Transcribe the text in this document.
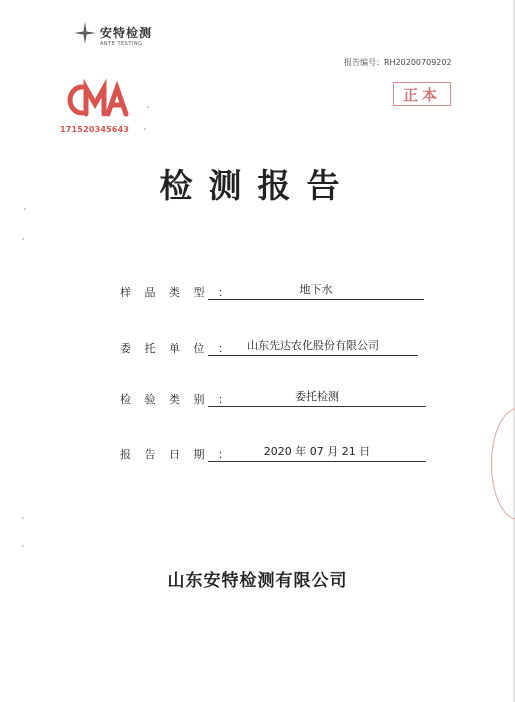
安特检测
ANTE TESTING
报告编号：RH20200709202
171520345643
正本
检测报告
样 品 类 型 ：	地下水
委 托 单 位 ：	山东先达农化股份有限公司
检 验 类 别 ：	委托检测
报 告 日 期 ：	2020 年 07 月 21 日
山东安特检测有限公司
